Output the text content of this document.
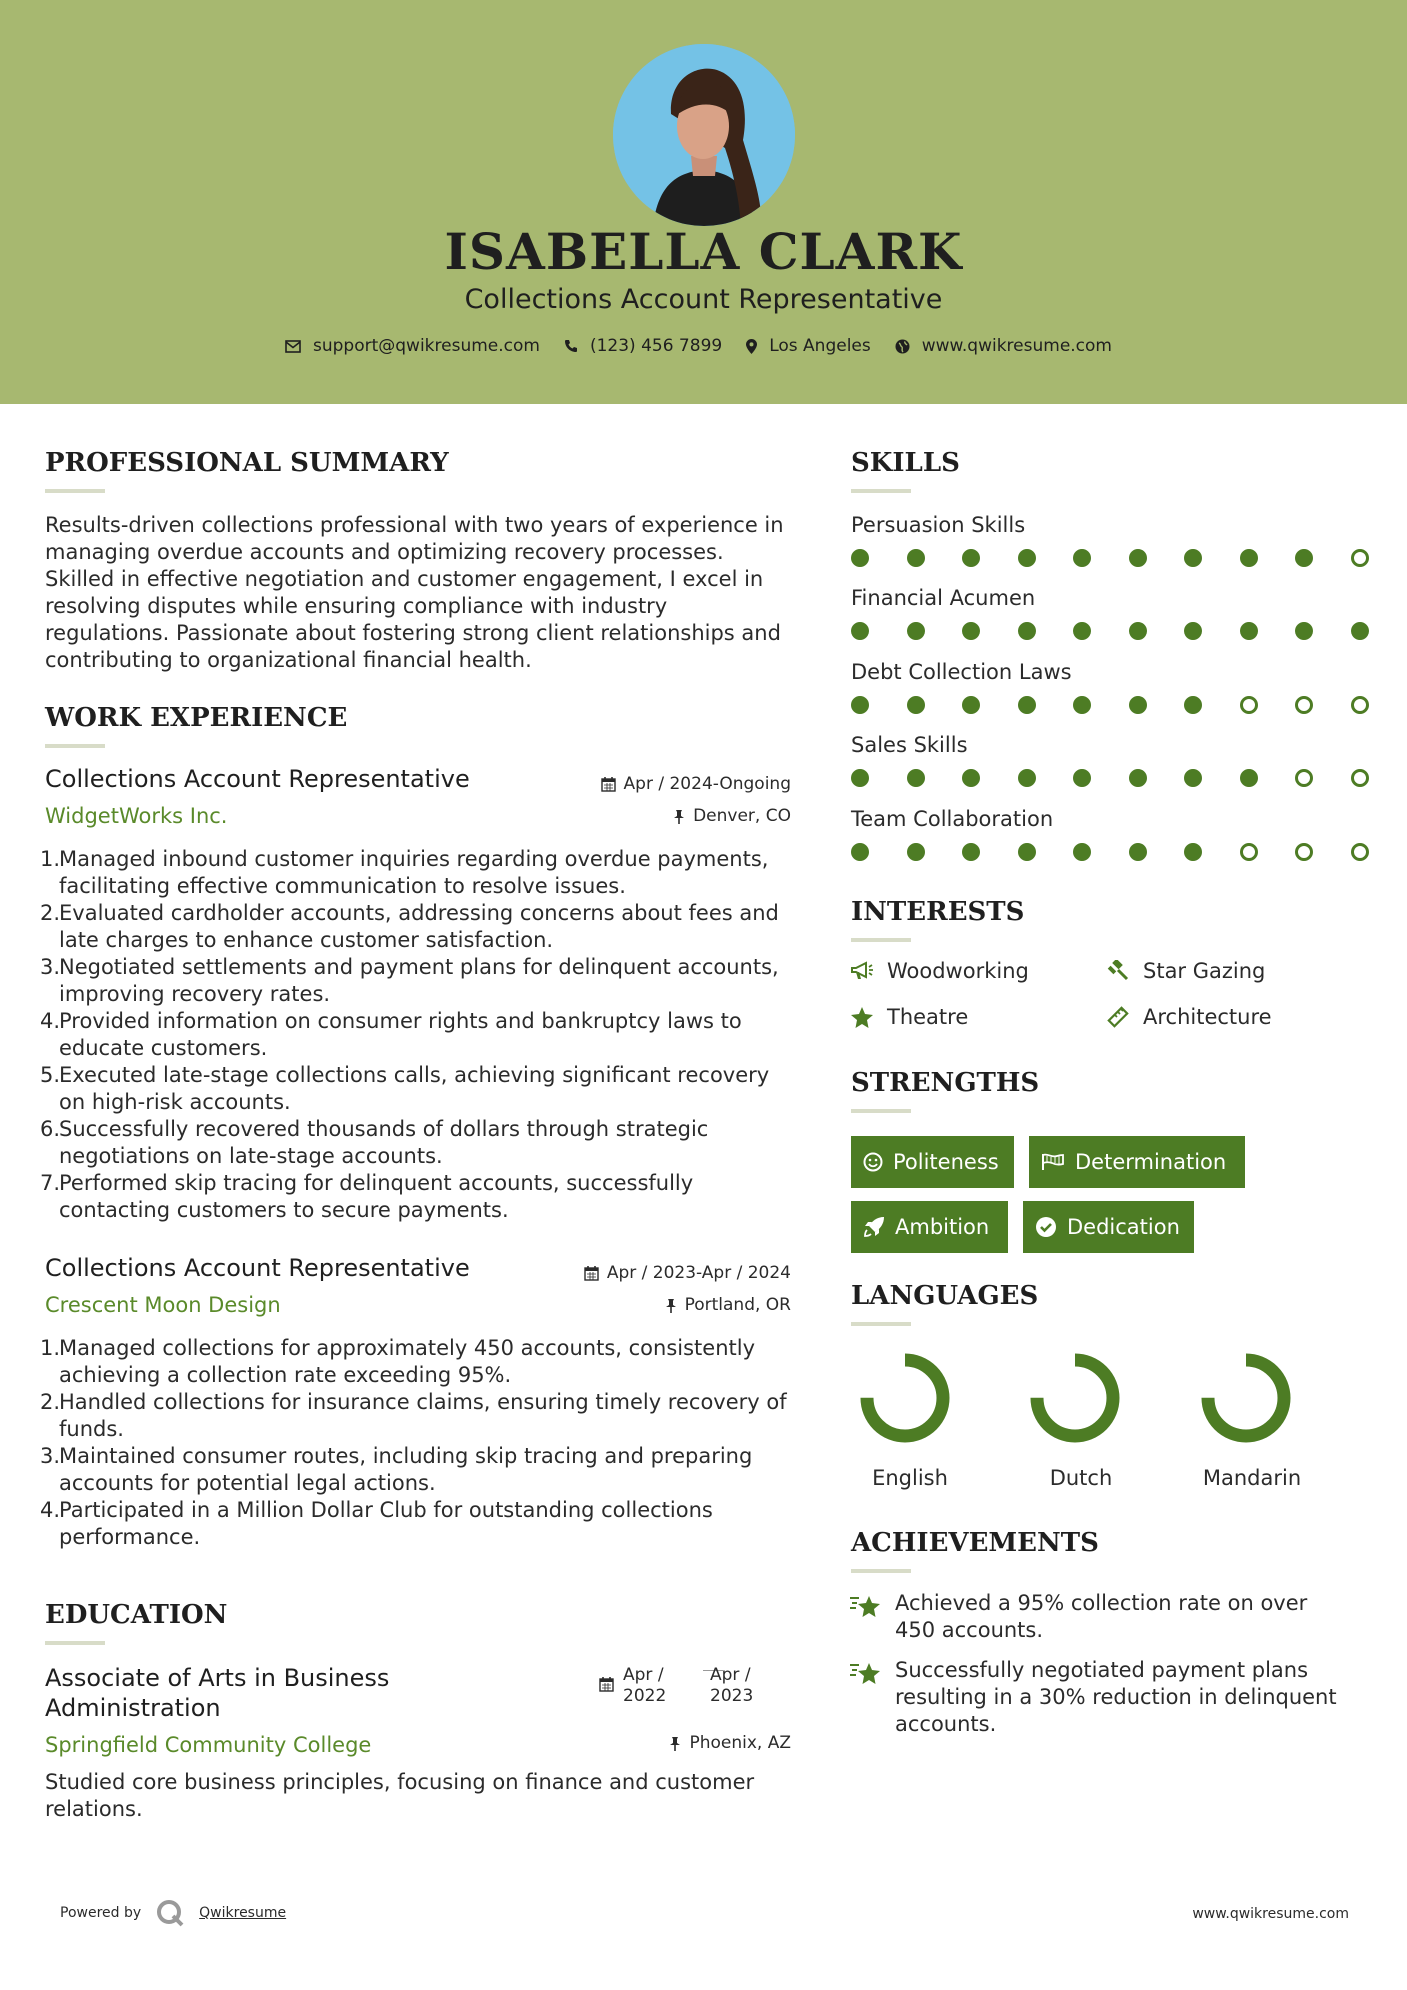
ISABELLA CLARK
Collections Account Representative
support@qwikresume.com	(123) 456 7899	Los Angeles	www.qwikresume.com
PROFESSIONAL SUMMARY
Results-driven collections professional with two years of experience in managing overdue accounts and optimizing recovery processes. Skilled in effective negotiation and customer engagement, I excel in resolving disputes while ensuring compliance with industry regulations. Passionate about fostering strong client relationships and contributing to organizational financial health.
WORK EXPERIENCE
Collections Account Representative	Apr / 2024-Ongoing
WidgetWorks Inc.	Denver, CO
1.
Managed inbound customer inquiries regarding overdue payments, facilitating effective communication to resolve issues.
2.
Evaluated cardholder accounts, addressing concerns about fees and late charges to enhance customer satisfaction.
3.
Negotiated settlements and payment plans for delinquent accounts, improving recovery rates.
4.
Provided information on consumer rights and bankruptcy laws to educate customers.
5.
Executed late-stage collections calls, achieving significant recovery on high-risk accounts.
6.
Successfully recovered thousands of dollars through strategic negotiations on late-stage accounts.
7.
Performed skip tracing for delinquent accounts, successfully contacting customers to secure payments.
Collections Account Representative	Apr / 2023-Apr / 2024
Crescent Moon Design	Portland, OR
1.
Managed collections for approximately 450 accounts, consistently achieving a collection rate exceeding 95%.
2.
Handled collections for insurance claims, ensuring timely recovery of funds.
3.
Maintained consumer routes, including skip tracing and preparing accounts for potential legal actions.
4.
Participated in a Million Dollar Club for outstanding collections performance.
EDUCATION
Associate of Arts in Business
Administration
Apr /
2022
Apr /
2023
Springfield Community College	Phoenix, AZ
Studied core business principles, focusing on finance and customer relations.
SKILLS
Persuasion Skills
Financial Acumen
Debt Collection Laws
Sales Skills
Team Collaboration
INTERESTS
Woodworking	Star Gazing
Theatre	Architecture
STRENGTHS
Politeness	Determination
Ambition	Dedication
LANGUAGES
English	Dutch	Mandarin
ACHIEVEMENTS
Achieved a 95% collection rate on over 450 accounts.
Successfully negotiated payment plans resulting in a 30% reduction in delinquent accounts.
Powered by	Qwikresume	www.qwikresume.com
